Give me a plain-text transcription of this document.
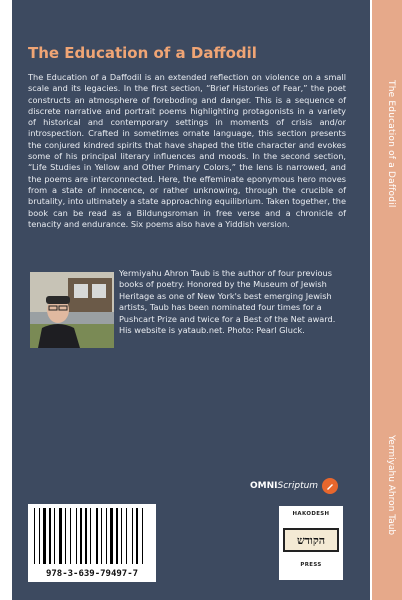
The Education of a Daffodil
Yermiyahu Ahron Taub
The Education of a Daffodil

The Education of a Daffodil is an extended reflection on violence on a small scale and its legacies. In the first section, “Brief Histories of Fear,” the poet constructs an atmosphere of foreboding and danger. This is a sequence of discrete narrative and portrait poems highlighting protagonists in a variety of historical and contemporary settings in moments of crisis and/or introspection. Crafted in sometimes ornate language, this section presents the conjured kindred spirits that have shaped the title character and evokes some of his principal literary influences and moods. In the second section, “Life Studies in Yellow and Other Primary Colors,” the lens is narrowed, and the poems are interconnected. Here, the effeminate eponymous hero moves from a state of innocence, or rather unknowing, through the crucible of brutality, into ultimately a state approaching equilibrium. Taken together, the book can be read as a Bildungsroman in free verse and a chronicle of tenacity and endurance. Six poems also have a Yiddish version.

Yermiyahu Ahron Taub is the author of four previous books of poetry. Honored by the Museum of Jewish Heritage as one of New York's best emerging Jewish artists, Taub has been nominated four times for a Pushcart Prize and twice for a Best of the Net award. His website is yataub.net. Photo: Pearl Gluck.

OMNIScriptum
978-3-639-79497-7
HAKODESH
הקודש
PRESS
